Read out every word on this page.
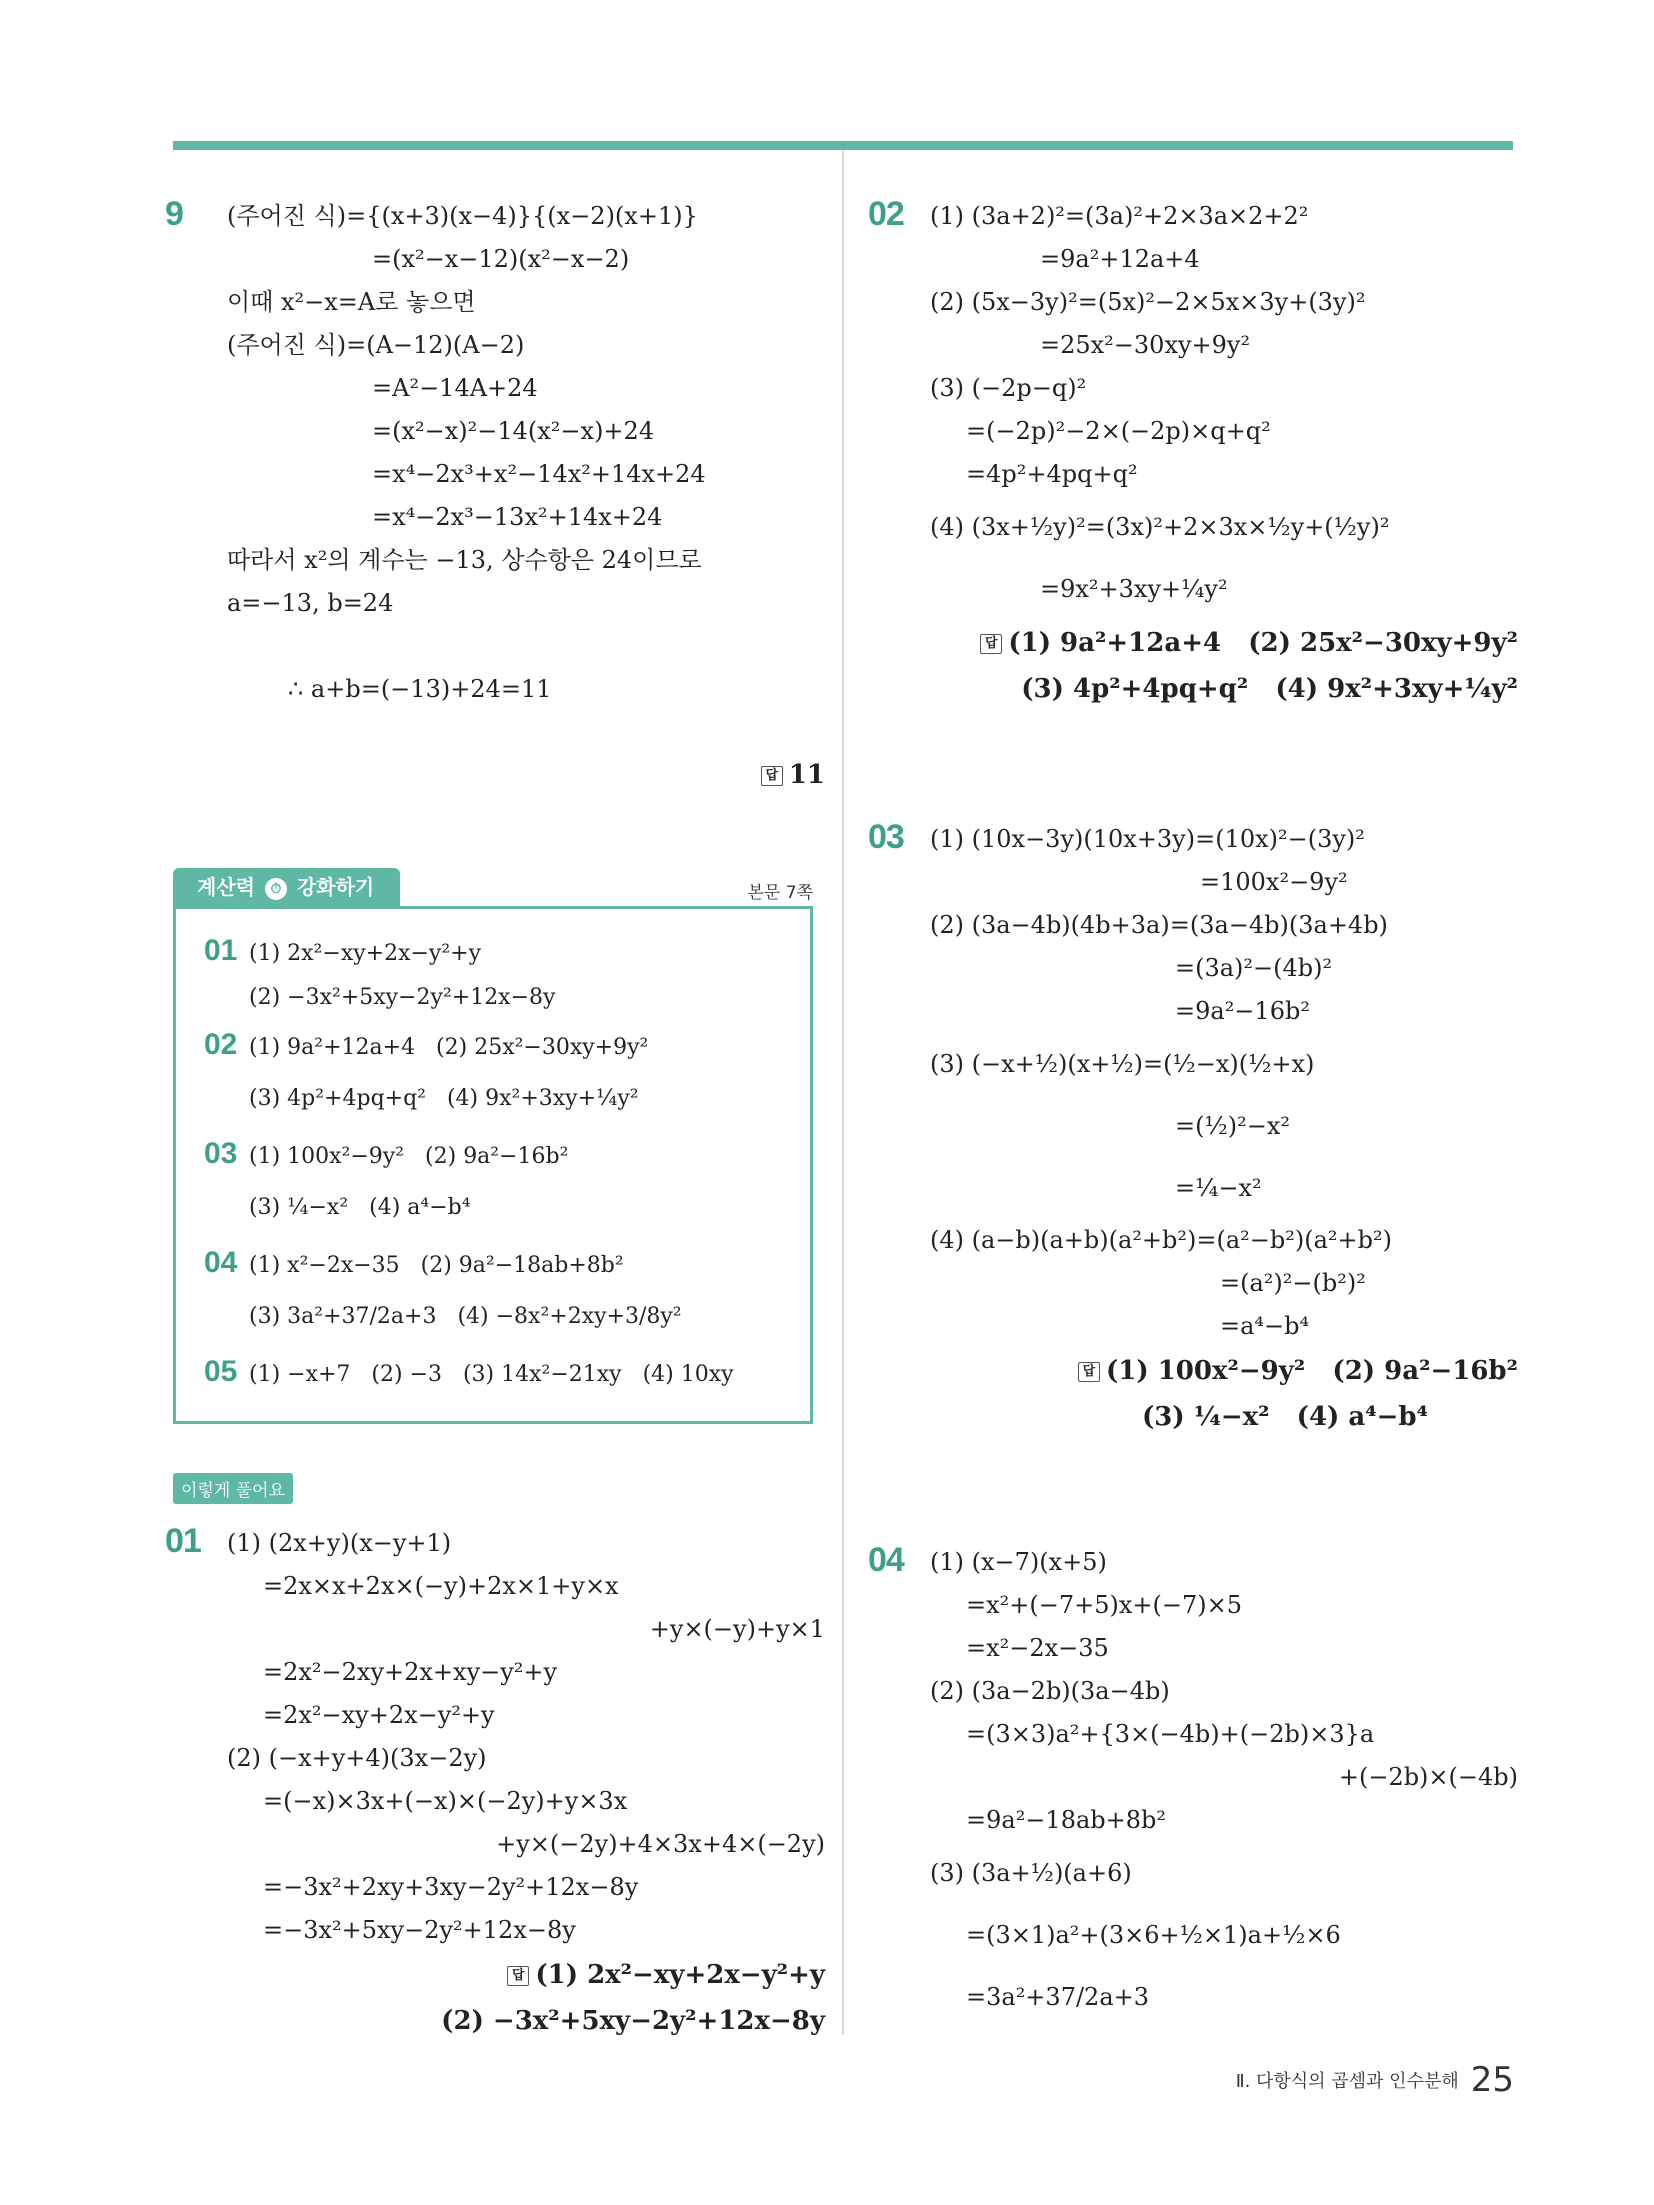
9 (주어진 식)={(x+3)(x−4)}{(x−2)(x+1)}
=(x²−x−12)(x²−x−2)
이때 x²−x=A로 놓으면
(주어진 식)=(A−12)(A−2)
=A²−14A+24
=(x²−x)²−14(x²−x)+24
=x⁴−2x³+x²−14x²+14x+24
=x⁴−2x³−13x²+14x+24
따라서 x²의 계수는 −13, 상수항은 24이므로
a=−13, b=24

∴ a+b=(−13)+24=11

답 11

계산력 ⏱ 강화하기	본문 7쪽
01 (1) 2x²−xy+2x−y²+y
(2) −3x²+5xy−2y²+12x−8y
02 (1) 9a²+12a+4   (2) 25x²−30xy+9y²
(3) 4p²+4pq+q²   (4) 9x²+3xy+¼y²
03 (1) 100x²−9y²   (2) 9a²−16b²
(3) ¼−x²   (4) a⁴−b⁴
04 (1) x²−2x−35   (2) 9a²−18ab+8b²
(3) 3a²+37/2a+3   (4) −8x²+2xy+3/8y²
05 (1) −x+7   (2) −3   (3) 14x²−21xy   (4) 10xy
이렇게 풀어요
01 (1) (2x+y)(x−y+1)
=2x×x+2x×(−y)+2x×1+y×x
+y×(−y)+y×1
=2x²−2xy+2x+xy−y²+y
=2x²−xy+2x−y²+y
(2) (−x+y+4)(3x−2y)
=(−x)×3x+(−x)×(−2y)+y×3x
+y×(−2y)+4×3x+4×(−2y)
=−3x²+2xy+3xy−2y²+12x−8y
=−3x²+5xy−2y²+12x−8y
답 (1) 2x²−xy+2x−y²+y
(2) −3x²+5xy−2y²+12x−8y
02 (1) (3a+2)²=(3a)²+2×3a×2+2²
=9a²+12a+4
(2) (5x−3y)²=(5x)²−2×5x×3y+(3y)²
=25x²−30xy+9y²
(3) (−2p−q)²
=(−2p)²−2×(−2p)×q+q²
=4p²+4pq+q²
(4) (3x+½y)²=(3x)²+2×3x×½y+(½y)²
=9x²+3xy+¼y²
답 (1) 9a²+12a+4   (2) 25x²−30xy+9y²
(3) 4p²+4pq+q²   (4) 9x²+3xy+¼y²
03 (1) (10x−3y)(10x+3y)=(10x)²−(3y)²
=100x²−9y²
(2) (3a−4b)(4b+3a)=(3a−4b)(3a+4b)
=(3a)²−(4b)²
=9a²−16b²
(3) (−x+½)(x+½)=(½−x)(½+x)
=(½)²−x²
=¼−x²
(4) (a−b)(a+b)(a²+b²)=(a²−b²)(a²+b²)
=(a²)²−(b²)²
=a⁴−b⁴
답 (1) 100x²−9y²   (2) 9a²−16b²
(3) ¼−x²   (4) a⁴−b⁴
04 (1) (x−7)(x+5)
=x²+(−7+5)x+(−7)×5
=x²−2x−35
(2) (3a−2b)(3a−4b)
=(3×3)a²+{3×(−4b)+(−2b)×3}a
+(−2b)×(−4b)
=9a²−18ab+8b²
(3) (3a+½)(a+6)
=(3×1)a²+(3×6+½×1)a+½×6
=3a²+37/2a+3
Ⅱ. 다항식의 곱셈과 인수분해 25
